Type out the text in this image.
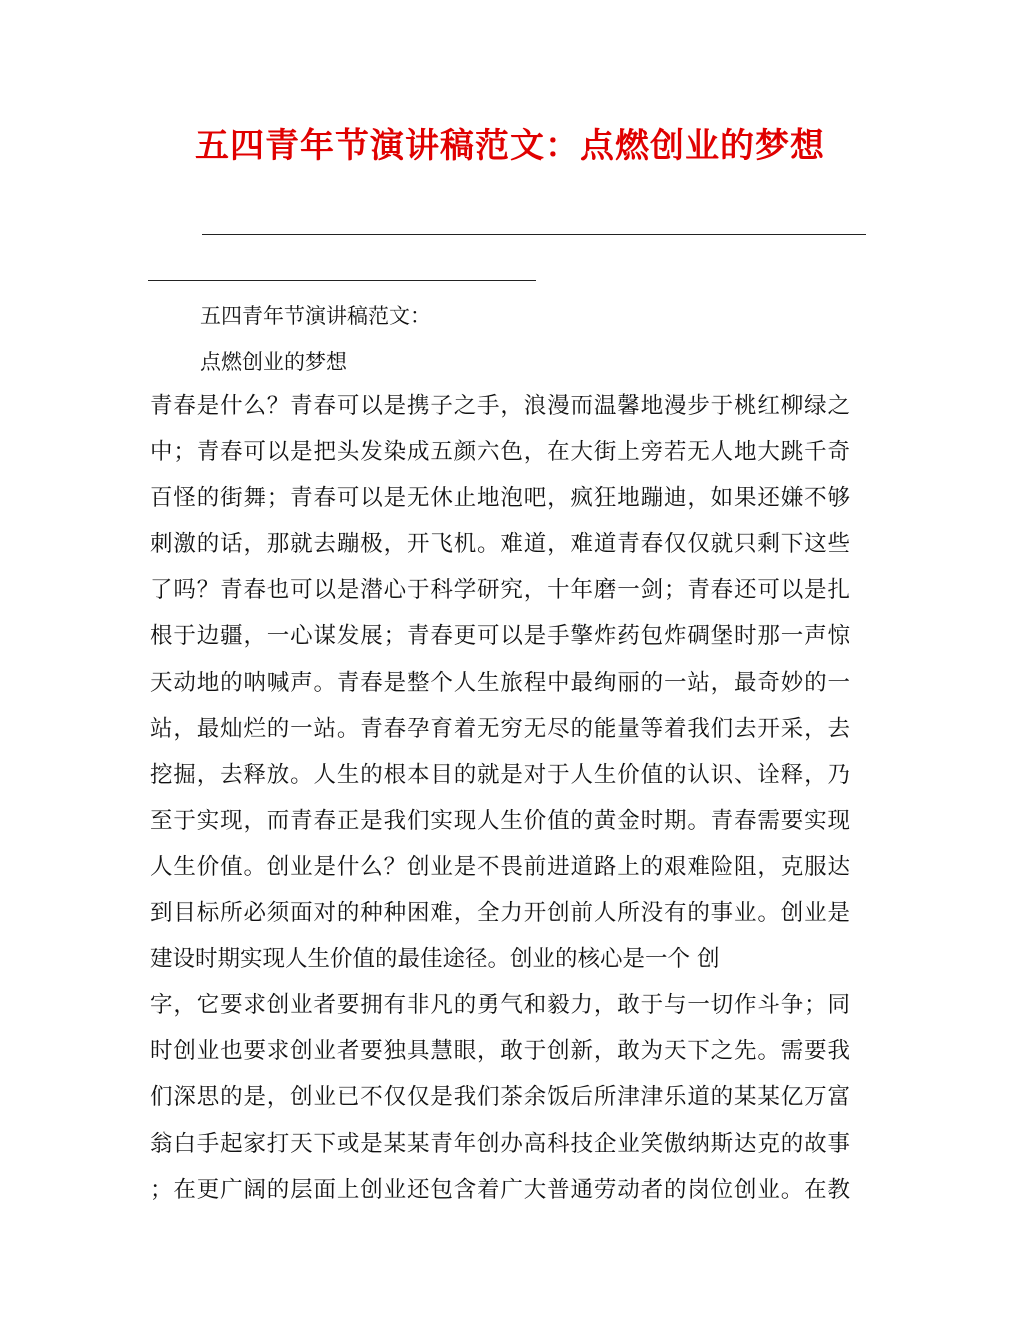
五四青年节演讲稿范文：点燃创业的梦想
五四青年节演讲稿范文：
点燃创业的梦想
青春是什么？青春可以是携子之手，浪漫而温馨地漫步于桃红柳绿之
中；青春可以是把头发染成五颜六色，在大街上旁若无人地大跳千奇
百怪的街舞；青春可以是无休止地泡吧，疯狂地蹦迪，如果还嫌不够
刺激的话，那就去蹦极，开飞机。难道，难道青春仅仅就只剩下这些
了吗？青春也可以是潜心于科学研究，十年磨一剑；青春还可以是扎
根于边疆，一心谋发展；青春更可以是手擎炸药包炸碉堡时那一声惊
天动地的呐喊声。青春是整个人生旅程中最绚丽的一站，最奇妙的一
站，最灿烂的一站。青春孕育着无穷无尽的能量等着我们去开采，去
挖掘，去释放。人生的根本目的就是对于人生价值的认识、诠释，乃
至于实现，而青春正是我们实现人生价值的黄金时期。青春需要实现
人生价值。创业是什么？创业是不畏前进道路上的艰难险阻，克服达
到目标所必须面对的种种困难，全力开创前人所没有的事业。创业是
建设时期实现人生价值的最佳途径。创业的核心是一个 创
字，它要求创业者要拥有非凡的勇气和毅力，敢于与一切作斗争；同
时创业也要求创业者要独具慧眼，敢于创新，敢为天下之先。需要我
们深思的是，创业已不仅仅是我们茶余饭后所津津乐道的某某亿万富
翁白手起家打天下或是某某青年创办高科技企业笑傲纳斯达克的故事
；在更广阔的层面上创业还包含着广大普通劳动者的岗位创业。在教
